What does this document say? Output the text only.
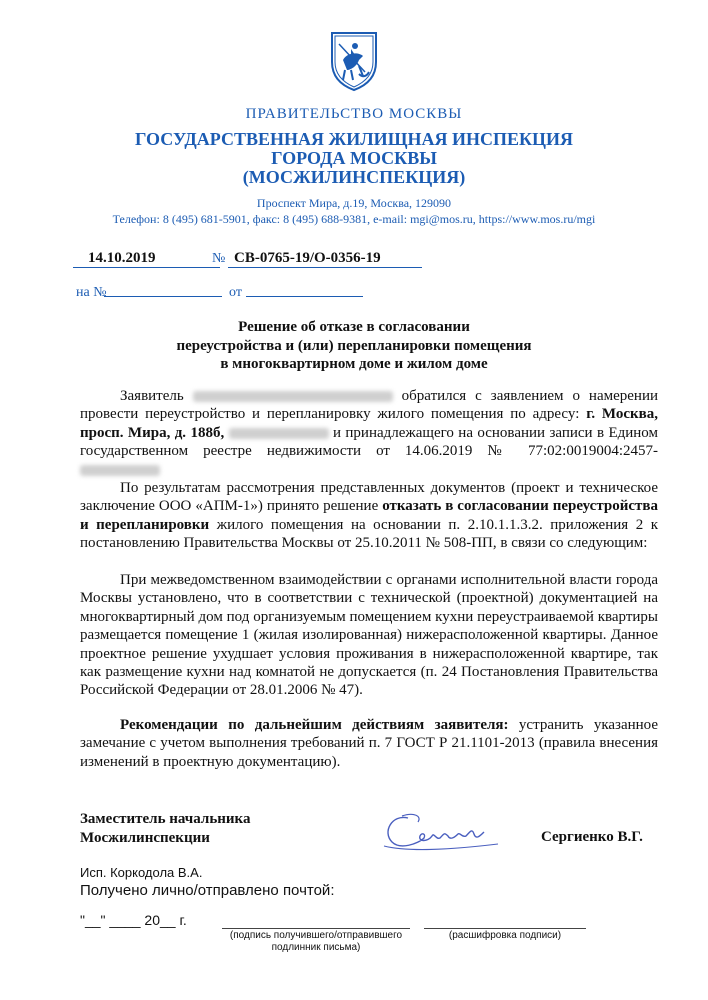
ПРАВИТЕЛЬСТВО МОСКВЫ
ГОСУДАРСТВЕННАЯ ЖИЛИЩНАЯ ИНСПЕКЦИЯ
ГОРОДА МОСКВЫ
(МОСЖИЛИНСПЕКЦИЯ)
Проспект Мира, д.19, Москва, 129090
Телефон: 8 (495) 681-5901, факс: 8 (495) 688-9381, e-mail: mgi@mos.ru, https://www.mos.ru/mgi
14.10.2019	№ СВ-0765-19/О-0356-19
на №	от
Решение об отказе в согласовании
переустройства и (или) перепланировки помещения
в многоквартирном доме и жилом доме
Заявитель	обратился с заявлением о намерении провести переустройство и перепланировку жилого помещения по адресу: г. Москва, просп. Мира, д. 188б,	и принадлежащего на основании записи в Едином государственном реестре недвижимости от 14.06.2019 № 77:02:0019004:2457-
По результатам рассмотрения представленных документов (проект и техническое заключение ООО «АПМ-1») принято решение отказать в согласовании переустройства и перепланировки жилого помещения на основании п. 2.10.1.1.3.2. приложения 2 к постановлению Правительства Москвы от 25.10.2011 № 508-ПП, в связи со следующим:
При межведомственном взаимодействии с органами исполнительной власти города Москвы установлено, что в соответствии с технической (проектной) документацией на многоквартирный дом под организуемым помещением кухни переустраиваемой квартиры размещается помещение 1 (жилая изолированная) нижерасположенной квартиры. Данное проектное решение ухудшает условия проживания в нижерасположенной квартире, так как размещение кухни над комнатой не допускается (п. 24 Постановления Правительства Российской Федерации от 28.01.2006 № 47).
Рекомендации по дальнейшим действиям заявителя: устранить указанное замечание с учетом выполнения требований п. 7 ГОСТ Р 21.1101-2013 (правила внесения изменений в проектную документацию).
Заместитель начальника
Мосжилинспекции	Сергиенко В.Г.
Исп. Коркодола В.А.
Получено лично/отправлено почтой:
"__" ____ 20__ г.
(подпись получившего/отправившего
подлинник письма)
(расшифровка подписи)
